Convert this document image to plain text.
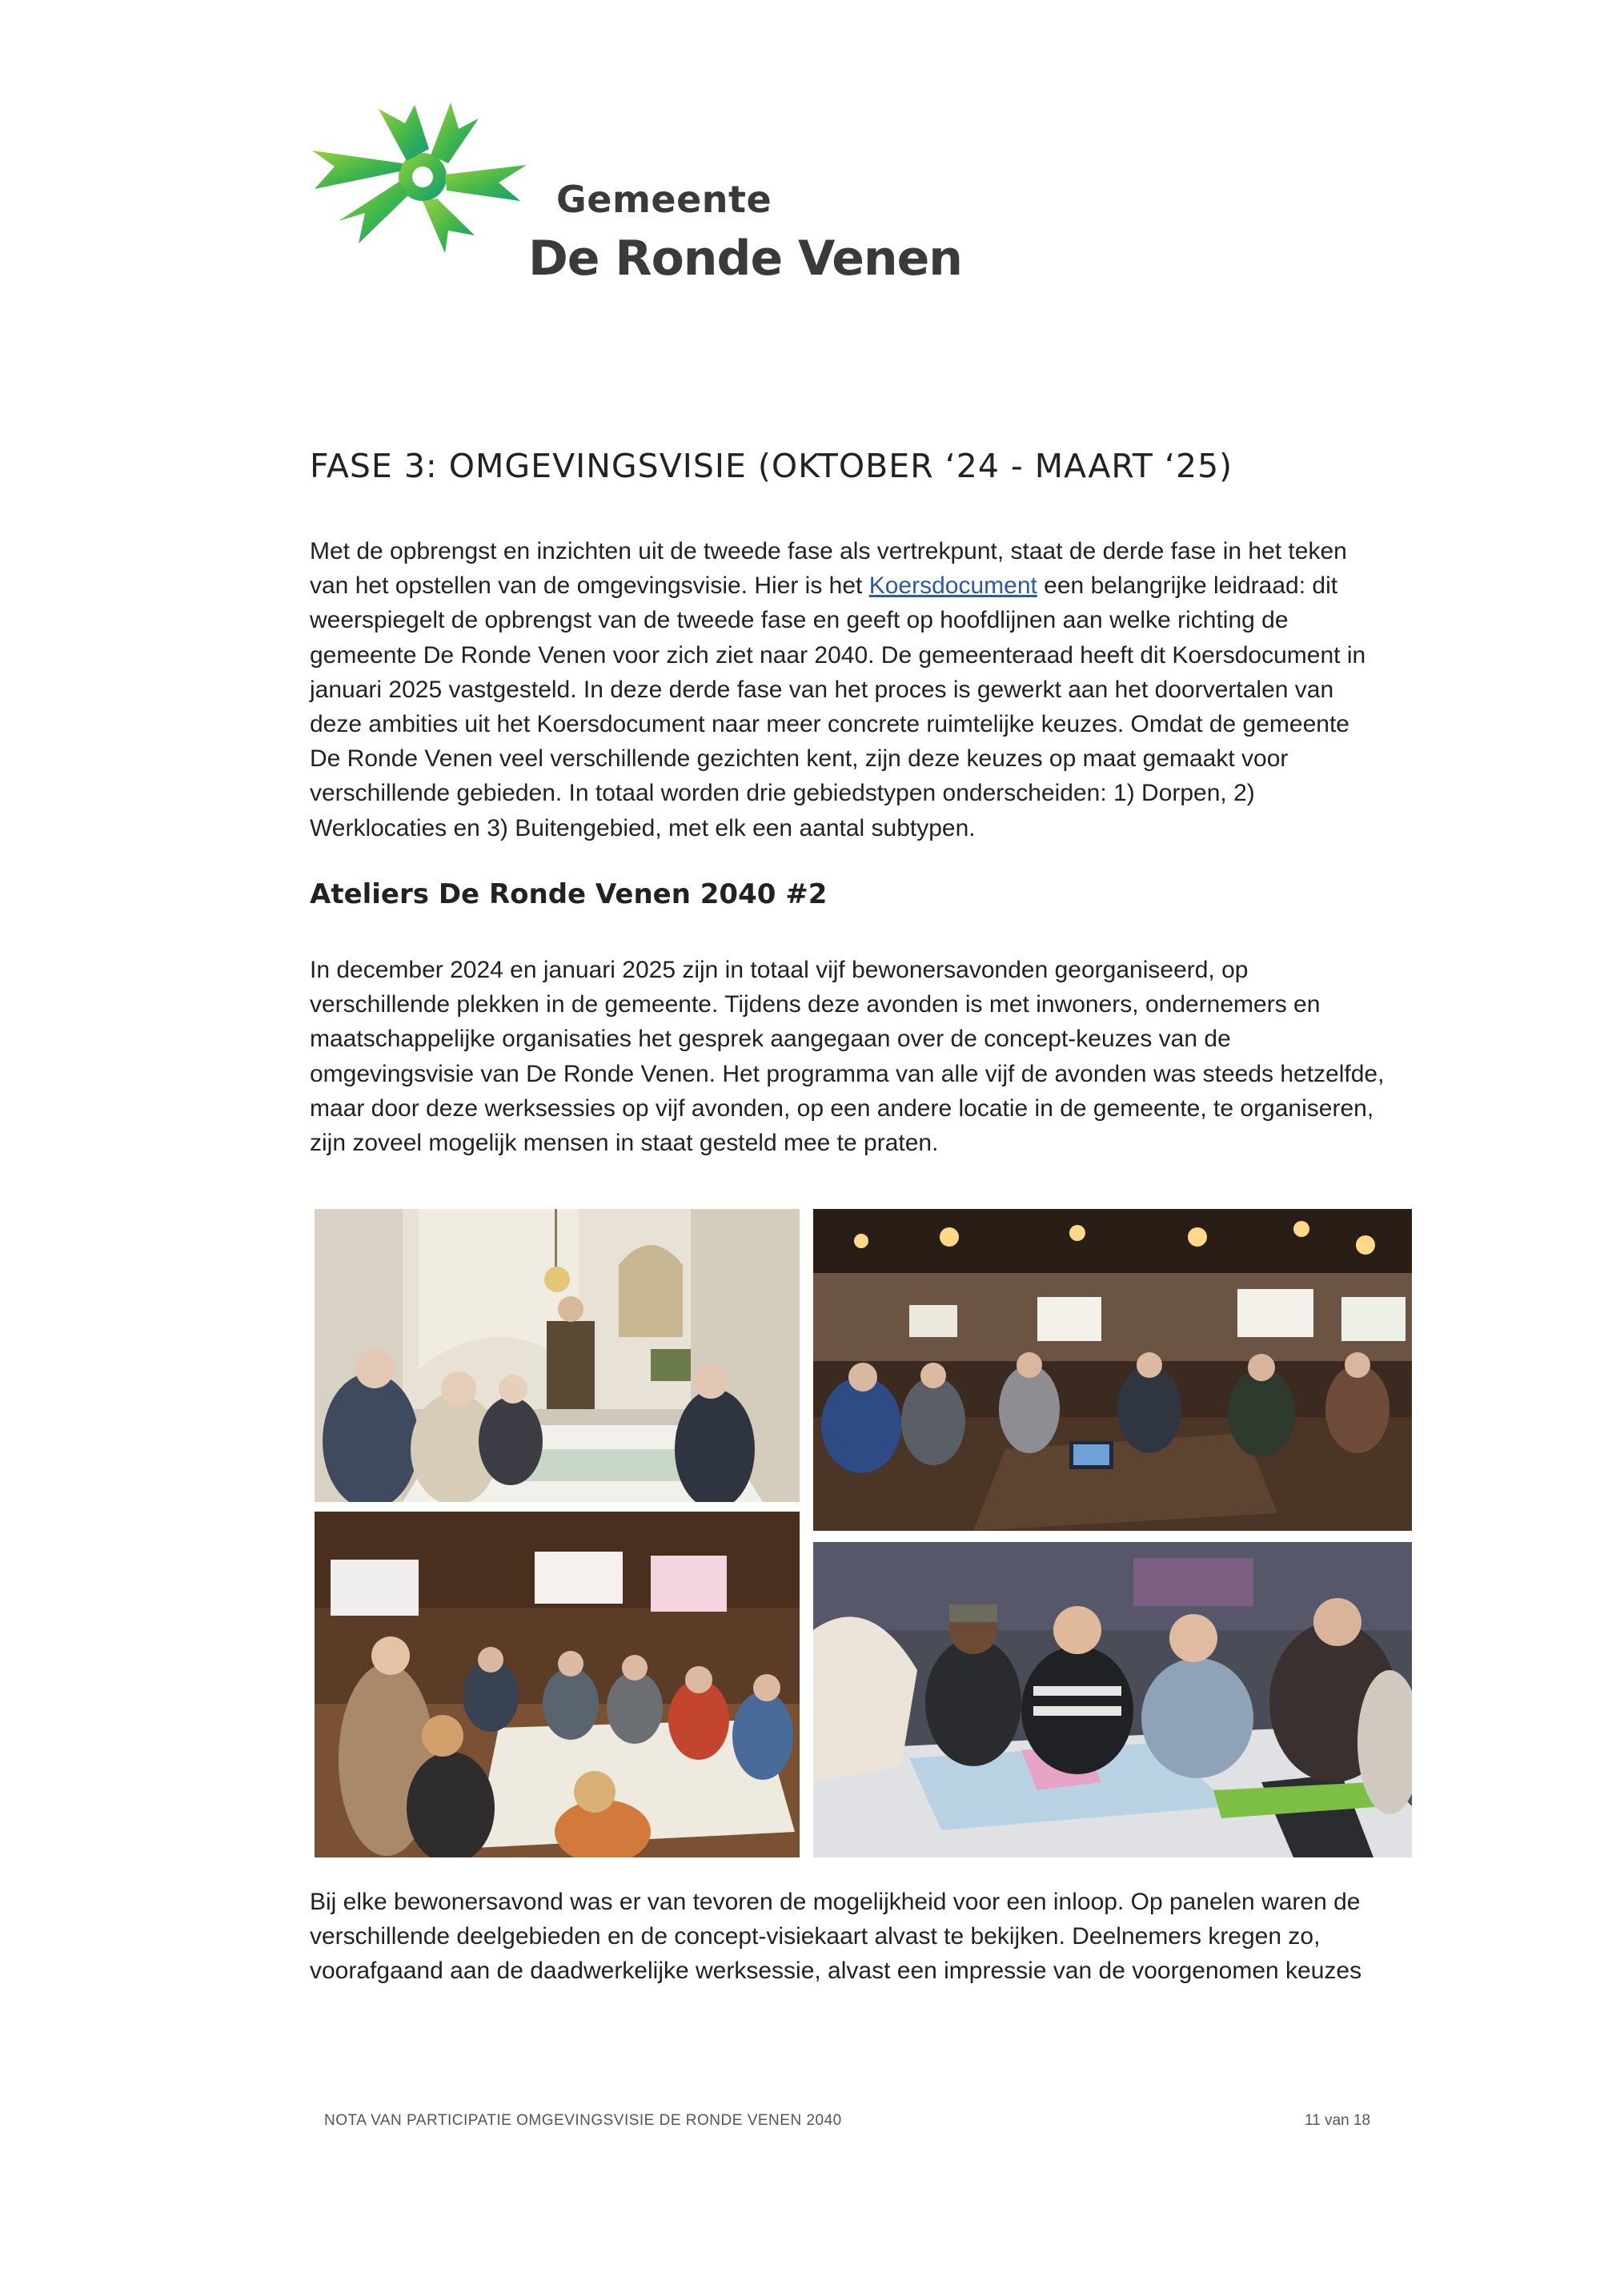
Gemeente
De Ronde Venen
FASE 3: OMGEVINGSVISIE (OKTOBER ‘24 - MAART ‘25)
Met de opbrengst en inzichten uit de tweede fase als vertrekpunt, staat de derde fase in het teken
van het opstellen van de omgevingsvisie. Hier is het Koersdocument een belangrijke leidraad: dit
weerspiegelt de opbrengst van de tweede fase en geeft op hoofdlijnen aan welke richting de
gemeente De Ronde Venen voor zich ziet naar 2040. De gemeenteraad heeft dit Koersdocument in
januari 2025 vastgesteld. In deze derde fase van het proces is gewerkt aan het doorvertalen van
deze ambities uit het Koersdocument naar meer concrete ruimtelijke keuzes. Omdat de gemeente
De Ronde Venen veel verschillende gezichten kent, zijn deze keuzes op maat gemaakt voor
verschillende gebieden. In totaal worden drie gebiedstypen onderscheiden: 1) Dorpen, 2)
Werklocaties en 3) Buitengebied, met elk een aantal subtypen.
Ateliers De Ronde Venen 2040 #2
In december 2024 en januari 2025 zijn in totaal vijf bewonersavonden georganiseerd, op
verschillende plekken in de gemeente. Tijdens deze avonden is met inwoners, ondernemers en
maatschappelijke organisaties het gesprek aangegaan over de concept-keuzes van de
omgevingsvisie van De Ronde Venen. Het programma van alle vijf de avonden was steeds hetzelfde,
maar door deze werksessies op vijf avonden, op een andere locatie in de gemeente, te organiseren,
zijn zoveel mogelijk mensen in staat gesteld mee te praten.
Bij elke bewonersavond was er van tevoren de mogelijkheid voor een inloop. Op panelen waren de
verschillende deelgebieden en de concept-visiekaart alvast te bekijken. Deelnemers kregen zo,
voorafgaand aan de daadwerkelijke werksessie, alvast een impressie van de voorgenomen keuzes
NOTA VAN PARTICIPATIE OMGEVINGSVISIE DE RONDE VENEN 2040	11 van 18
